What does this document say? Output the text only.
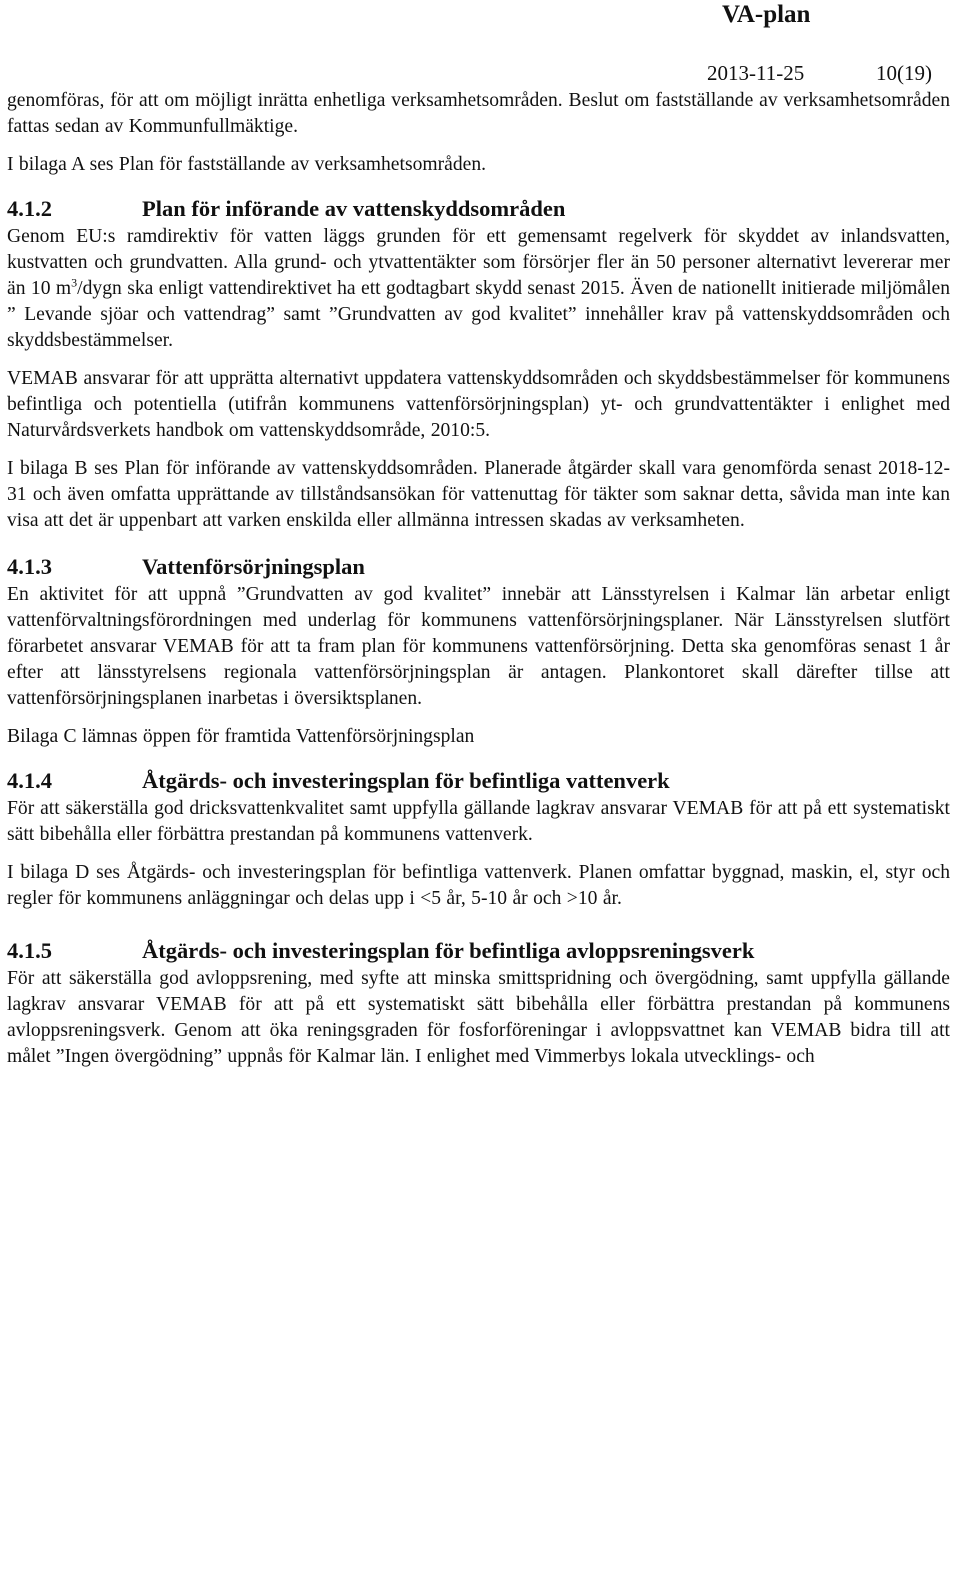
VA-plan
2013-11-25	10(19)

genomföras, för att om möjligt inrätta enhetliga verksamhetsområden. Beslut om fastställande av verksamhetsområden fattas sedan av Kommunfullmäktige.

I bilaga A ses Plan för fastställande av verksamhetsområden.

4.1.2	Plan för införande av vattenskyddsområden

Genom EU:s ramdirektiv för vatten läggs grunden för ett gemensamt regelverk för skyddet av inlandsvatten, kustvatten och grundvatten. Alla grund- och ytvattentäkter som försörjer fler än 50 personer alternativt levererar mer än 10 $m^3$/dygn ska enligt vattendirektivet ha ett godtagbart skydd senast 2015. Även de nationellt initierade miljömålen ” Levande sjöar och vattendrag” samt ”Grundvatten av god kvalitet” innehåller krav på vattenskyddsområden och skyddsbestämmelser.

VEMAB ansvarar för att upprätta alternativt uppdatera vattenskyddsområden och skyddsbestämmelser för kommunens befintliga och potentiella (utifrån kommunens vattenförsörjningsplan) yt- och grundvattentäkter i enlighet med Naturvårdsverkets handbok om vattenskyddsområde, 2010:5.

I bilaga B ses Plan för införande av vattenskyddsområden. Planerade åtgärder skall vara genomförda senast 2018-12-31 och även omfatta upprättande av tillståndsansökan för vattenuttag för täkter som saknar detta, såvida man inte kan visa att det är uppenbart att varken enskilda eller allmänna intressen skadas av verksamheten.

4.1.3	Vattenförsörjningsplan

En aktivitet för att uppnå ”Grundvatten av god kvalitet” innebär att Länsstyrelsen i Kalmar län arbetar enligt vattenförvaltningsförordningen med underlag för kommunens vattenförsörjningsplaner. När Länsstyrelsen slutfört förarbetet ansvarar VEMAB för att ta fram plan för kommunens vattenförsörjning. Detta ska genomföras senast 1 år efter att länsstyrelsens regionala vattenförsörjningsplan är antagen. Plankontoret skall därefter tillse att vattenförsörjningsplanen inarbetas i översiktsplanen.

Bilaga C lämnas öppen för framtida Vattenförsörjningsplan

4.1.4	Åtgärds- och investeringsplan för befintliga vattenverk

För att säkerställa god dricksvattenkvalitet samt uppfylla gällande lagkrav ansvarar VEMAB för att på ett systematiskt sätt bibehålla eller förbättra prestandan på kommunens vattenverk.

I bilaga D ses Åtgärds- och investeringsplan för befintliga vattenverk. Planen omfattar byggnad, maskin, el, styr och regler för kommunens anläggningar och delas upp i <5 år, 5-10 år och >10 år.

4.1.5	Åtgärds- och investeringsplan för befintliga avloppsreningsverk

För att säkerställa god avloppsrening, med syfte att minska smittspridning och övergödning, samt uppfylla gällande lagkrav ansvarar VEMAB för att på ett systematiskt sätt bibehålla eller förbättra prestandan på kommunens avloppsreningsverk. Genom att öka reningsgraden för fosforföreningar i avloppsvattnet kan VEMAB bidra till att målet ”Ingen övergödning” uppnås för Kalmar län. I enlighet med Vimmerbys lokala utvecklings- och
